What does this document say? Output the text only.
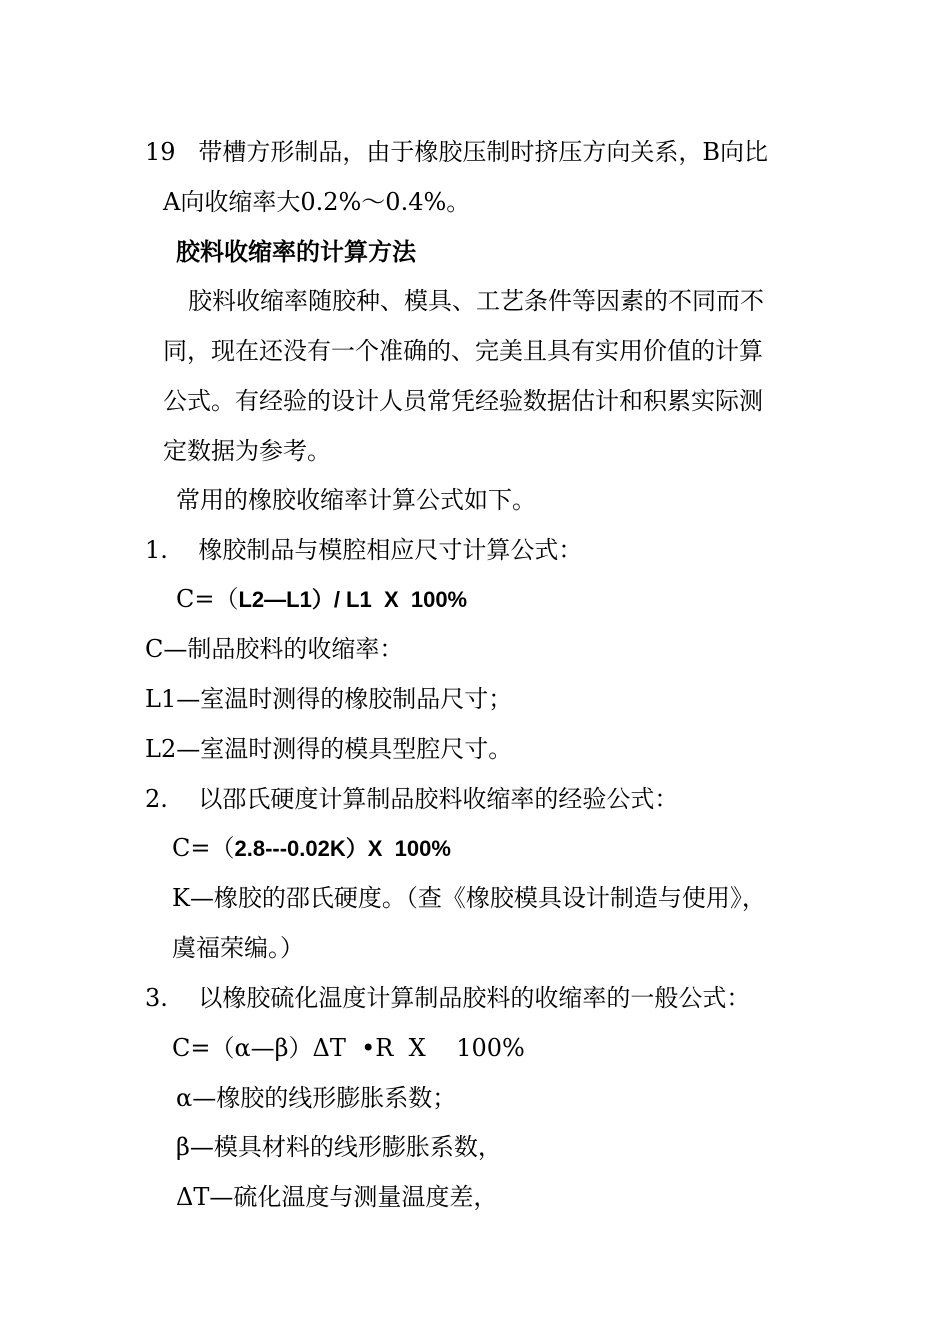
19   带槽方形制品，由于橡胶压制时挤压方向关系，B向比
A向收缩率大0.2%～0.4%。
胶料收缩率的计算方法
胶料收缩率随胶种、模具、工艺条件等因素的不同而不
同，现在还没有一个准确的、完美且具有实用价值的计算
公式。有经验的设计人员常凭经验数据估计和积累实际测
定数据为参考。
常用的橡胶收缩率计算公式如下。
1.    橡胶制品与模腔相应尺寸计算公式：
C=（L2—L1）/ L1  X  100%
C—制品胶料的收缩率：
L1—室温时测得的橡胶制品尺寸；
L2—室温时测得的模具型腔尺寸。
2.    以邵氏硬度计算制品胶料收缩率的经验公式：
C=（2.8---0.02K）X  100%
K—橡胶的邵氏硬度。（查《橡胶模具设计制造与使用》，
虞福荣编。）
3.    以橡胶硫化温度计算制品胶料的收缩率的一般公式：
C=（α—β）ΔT  •R  X    100%
α—橡胶的线形膨胀系数；
β—模具材料的线形膨胀系数，
ΔT—硫化温度与测量温度差，
